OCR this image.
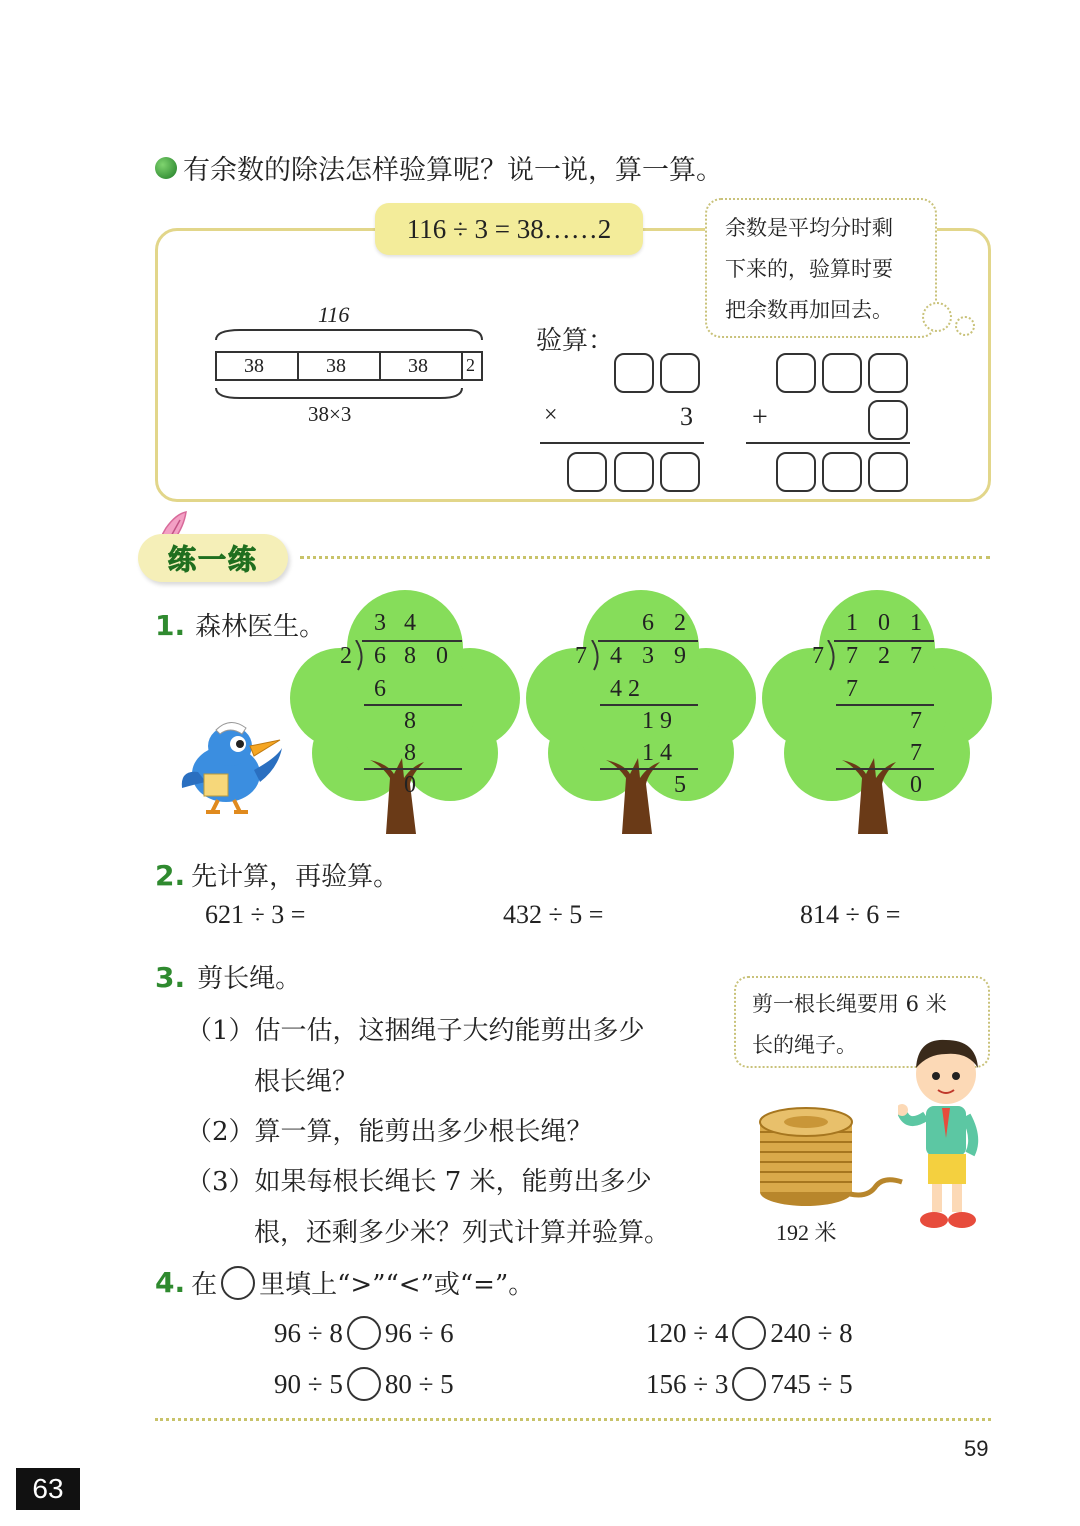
有余数的除法怎样验算呢？说一说，算一算。
116 ÷ 3 = 38……2	余数是平均分时剩
下来的，验算时要
把余数再加回去。
116
38	38	38 2
38×3
验算：
×	3 +
练一练
1. 森林医生。 3 4
2 6 8 0
6
8
8
0
6 2
7 4 3 9
4 2
1 9
1 4
5
1 0 1
7 7 2 7
7
7
7
0
2. 先计算，再验算。
621 ÷ 3 =	432 ÷ 5 =	814 ÷ 6 =
3. 剪长绳。
（1）估一估，这捆绳子大约能剪出多少
根长绳？
（2）算一算，能剪出多少根长绳？
（3）如果每根长绳长 7 米，能剪出多少
根，还剩多少米？列式计算并验算。
剪一根长绳要用 6 米
长的绳子。
192 米
4. 在 里填上“>”“<”或“=”。
96 ÷ 8 96 ÷ 6	120 ÷ 4 240 ÷ 8
90 ÷ 5 80 ÷ 5	156 ÷ 3 745 ÷ 5
59
63
